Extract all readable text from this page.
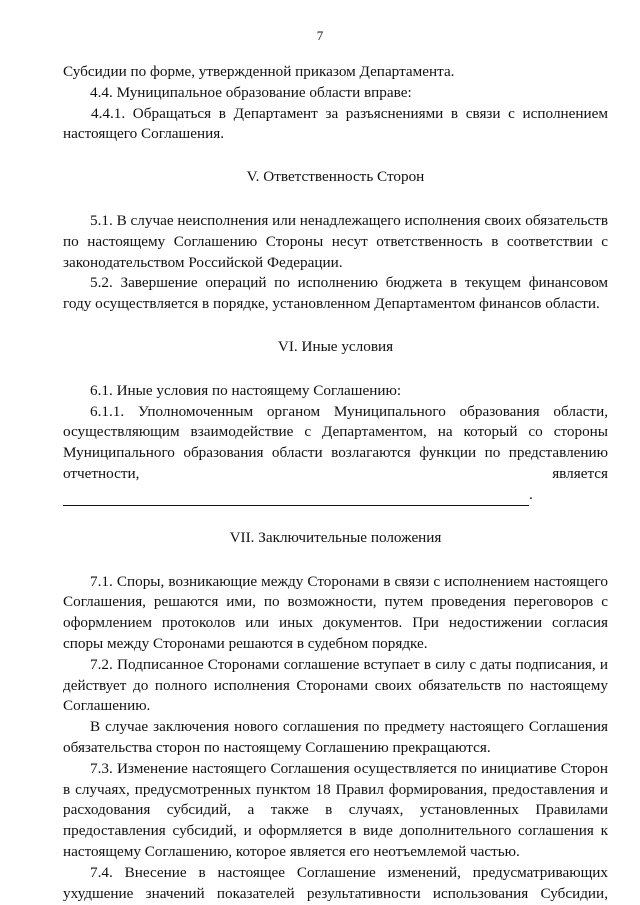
7

Субсидии по форме, утвержденной приказом Департамента.

4.4. Муниципальное образование области вправе:

4.4.1. Обращаться в Департамент за разъяснениями в связи с исполнением настоящего Соглашения.

V. Ответственность Сторон

5.1. В случае неисполнения или ненадлежащего исполнения своих обязательств по настоящему Соглашению Стороны несут ответственность в соответствии с законодательством Российской Федерации.

5.2. Завершение операций по исполнению бюджета в текущем финансовом году осуществляется в порядке, установленном Департаментом финансов области.

VI. Иные условия

6.1. Иные условия по настоящему Соглашению:

6.1.1. Уполномоченным органом Муниципального образования области, осуществляющим взаимодействие с Департаментом, на который со стороны Муниципального образования области возлагаются функции по представлению

отчетности,	является
.

VII. Заключительные положения

7.1. Споры, возникающие между Сторонами в связи с исполнением настоящего Соглашения, решаются ими, по возможности, путем проведения переговоров с оформлением протоколов или иных документов. При недостижении согласия споры между Сторонами решаются в судебном порядке.

7.2. Подписанное Сторонами соглашение вступает в силу с даты подписания, и действует до полного исполнения Сторонами своих обязательств по настоящему Соглашению.

В случае заключения нового соглашения по предмету настоящего Соглашения обязательства сторон по настоящему Соглашению прекращаются.

7.3. Изменение настоящего Соглашения осуществляется по инициативе Сторон в случаях, предусмотренных пунктом 18 Правил формирования, предоставления и расходования субсидий, а также в случаях, установленных Правилами предоставления субсидий, и оформляется в виде дополнительного соглашения к настоящему Соглашению, которое является его неотъемлемой частью.

7.4. Внесение в настоящее Соглашение изменений, предусматривающих ухудшение значений показателей результативности использования Субсидии,
